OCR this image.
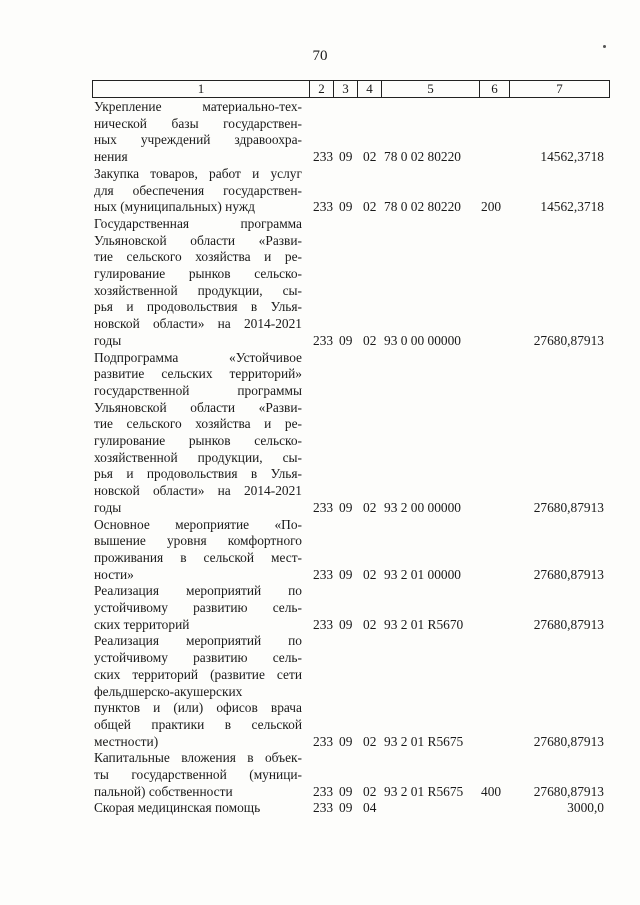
70
1	2	3	4	5	6	7
Укрепление материально-тех-
нической базы государствен-
ных учреждений здравоохра-
нения	233 09 02 78 0 02 80220	14562,3718
Закупка товаров, работ и услуг
для обеспечения государствен-
ных (муниципальных) нужд	233 09 02 78 0 02 80220 200	14562,3718
Государственная программа
Ульяновской области «Разви-
тие сельского хозяйства и ре-
гулирование рынков сельско-
хозяйственной продукции, сы-
рья и продовольствия в Улья-
новской области» на 2014-2021
годы	233 09 02 93 0 00 00000	27680,87913
Подпрограмма «Устойчивое
развитие сельских территорий»
государственной программы
Ульяновской области «Разви-
тие сельского хозяйства и ре-
гулирование рынков сельско-
хозяйственной продукции, сы-
рья и продовольствия в Улья-
новской области» на 2014-2021
годы	233 09 02 93 2 00 00000	27680,87913
Основное мероприятие «По-
вышение уровня комфортного
проживания в сельской мест-
ности»	233 09 02 93 2 01 00000	27680,87913
Реализация мероприятий по
устойчивому развитию сель-
ских территорий	233 09 02 93 2 01 R5670	27680,87913
Реализация мероприятий по
устойчивому развитию сель-
ских территорий (развитие сети
фельдшерско-акушерских
пунктов и (или) офисов врача
общей практики в сельской
местности)	233 09 02 93 2 01 R5675	27680,87913
Капитальные вложения в объек-
ты государственной (муници-
пальной) собственности	233 09 02 93 2 01 R5675 400 27680,87913
Скорая медицинская помощь	233 09 04	3000,0
